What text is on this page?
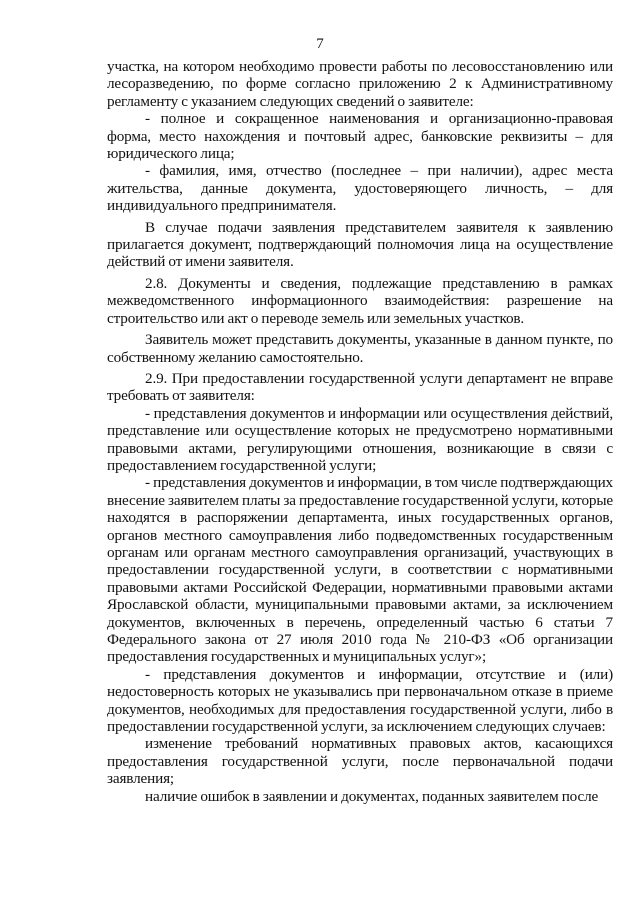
7

участка, на котором необходимо провести работы по лесовосстановлению или лесоразведению, по форме согласно приложению 2 к Административному регламенту с указанием следующих сведений о заявителе:

- полное и сокращенное наименования и организационно-правовая форма, место нахождения и почтовый адрес, банковские реквизиты – для юридического лица;

- фамилия, имя, отчество (последнее – при наличии), адрес места жительства, данные документа, удостоверяющего личность, – для индивидуального предпринимателя.

В случае подачи заявления представителем заявителя к заявлению прилагается документ, подтверждающий полномочия лица на осуществление действий от имени заявителя.

2.8. Документы и сведения, подлежащие представлению в рамках межведомственного информационного взаимодействия: разрешение на строительство или акт о переводе земель или земельных участков.

Заявитель может представить документы, указанные в данном пункте, по собственному желанию самостоятельно.

2.9. При предоставлении государственной услуги департамент не вправе требовать от заявителя:

- представления документов и информации или осуществления действий, представление или осуществление которых не предусмотрено нормативными правовыми актами, регулирующими отношения, возникающие в связи с предоставлением государственной услуги;

- представления документов и информации, в том числе подтверждающих внесение заявителем платы за предоставление государственной услуги, которые находятся в распоряжении департамента, иных государственных органов, органов местного самоуправления либо подведомственных государственным органам или органам местного самоуправления организаций, участвующих в предоставлении государственной услуги, в соответствии с нормативными правовыми актами Российской Федерации, нормативными правовыми актами Ярославской области, муниципальными правовыми актами, за исключением документов, включенных в перечень, определенный частью 6 статьи 7 Федерального закона от 27 июля 2010 года № 210-ФЗ «Об организации предоставления государственных и муниципальных услуг»;

- представления документов и информации, отсутствие и (или) недостоверность которых не указывались при первоначальном отказе в приеме документов, необходимых для предоставления государственной услуги, либо в предоставлении государственной услуги, за исключением следующих случаев:

изменение требований нормативных правовых актов, касающихся предоставления государственной услуги, после первоначальной подачи заявления;

наличие ошибок в заявлении и документах, поданных заявителем после
